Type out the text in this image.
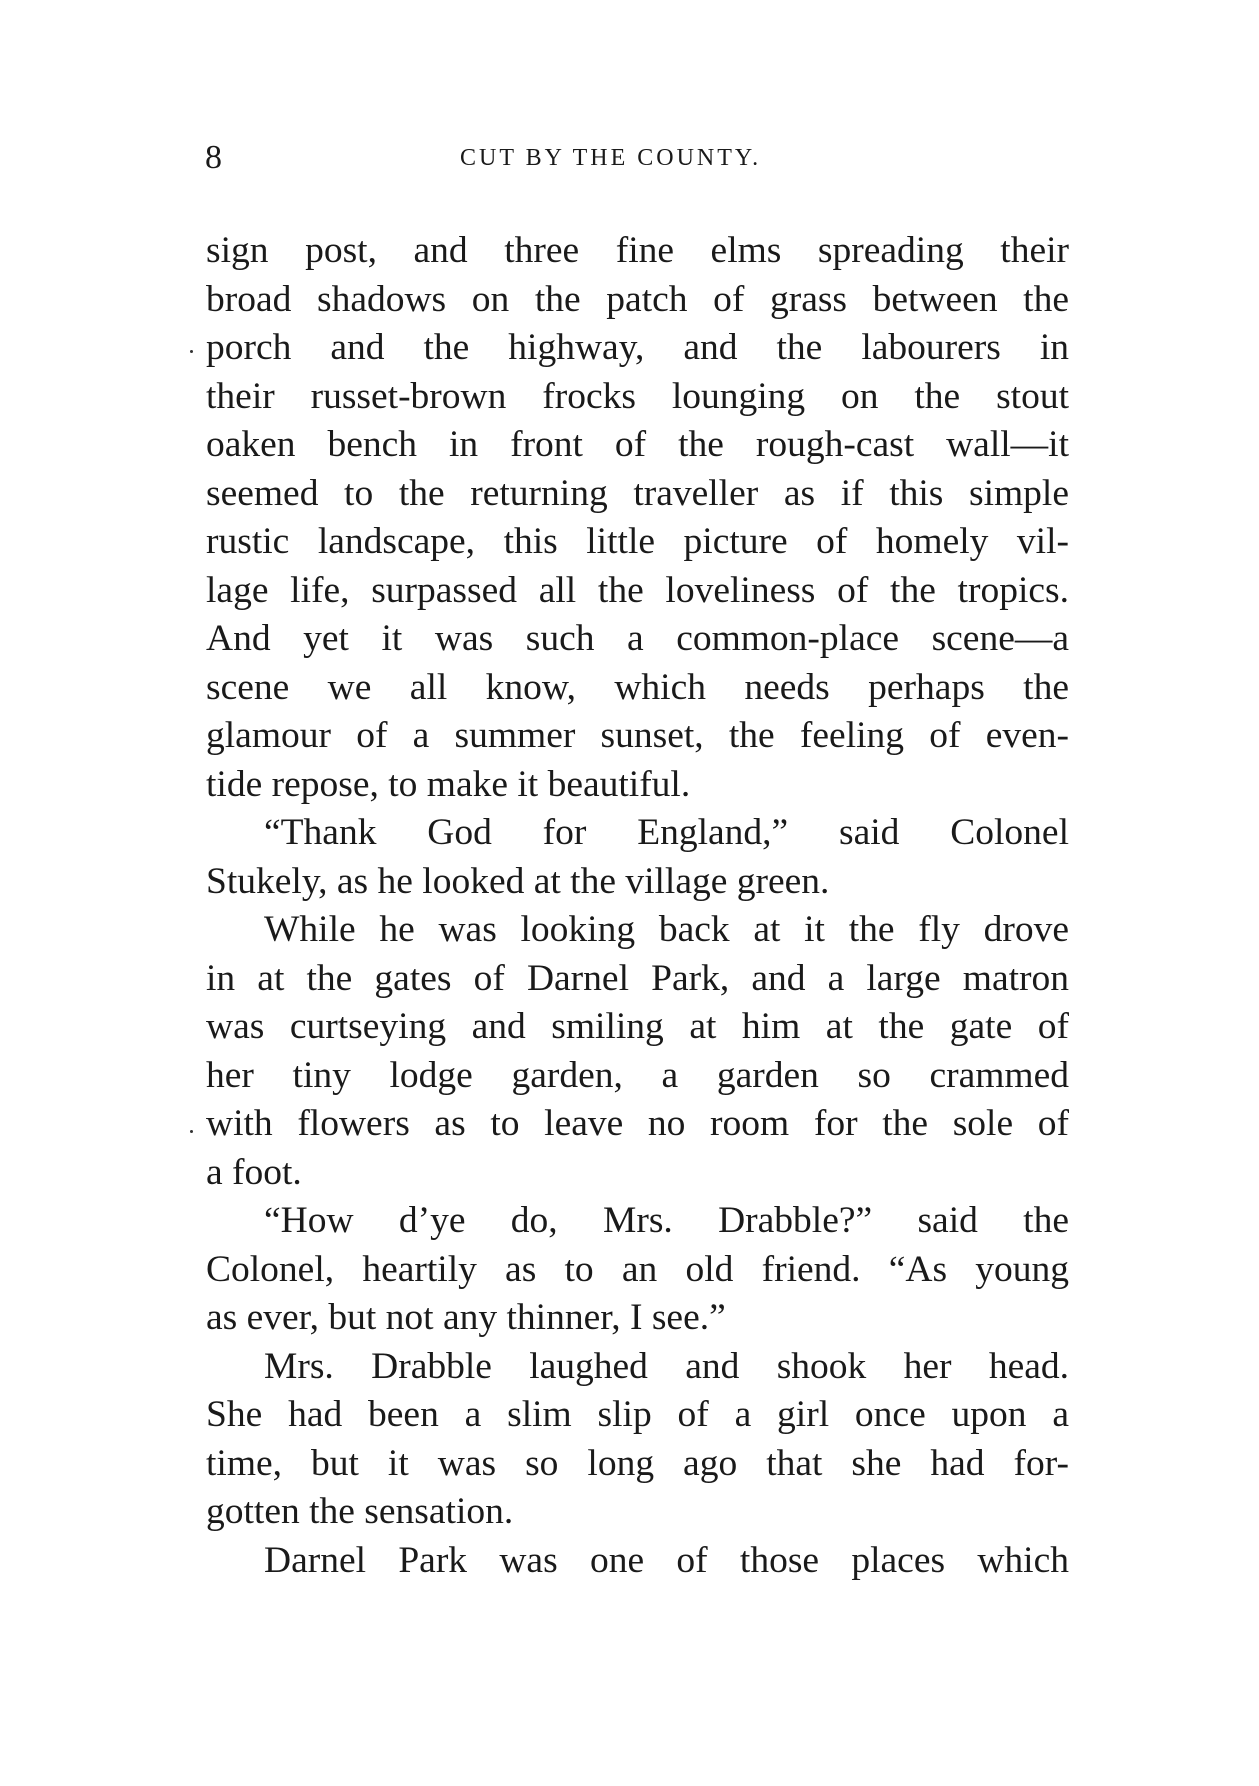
8	CUT BY THE COUNTY.
sign post, and three fine elms spreading their
broad shadows on the patch of grass between the
porch and the highway, and the labourers in
their russet-brown frocks lounging on the stout
oaken bench in front of the rough-cast wall—it
seemed to the returning traveller as if this simple
rustic landscape, this little picture of homely vil-
lage life, surpassed all the loveliness of the tropics.
And yet it was such a common-place scene—a
scene we all know, which needs perhaps the
glamour of a summer sunset, the feeling of even-
tide repose, to make it beautiful.
“Thank God for England,” said Colonel
Stukely, as he looked at the village green.
While he was looking back at it the fly drove
in at the gates of Darnel Park, and a large matron
was curtseying and smiling at him at the gate of
her tiny lodge garden, a garden so crammed
with flowers as to leave no room for the sole of
a foot.
“How d’ye do, Mrs. Drabble?” said the
Colonel, heartily as to an old friend. “As young
as ever, but not any thinner, I see.”
Mrs. Drabble laughed and shook her head.
She had been a slim slip of a girl once upon a
time, but it was so long ago that she had for-
gotten the sensation.
Darnel Park was one of those places which
